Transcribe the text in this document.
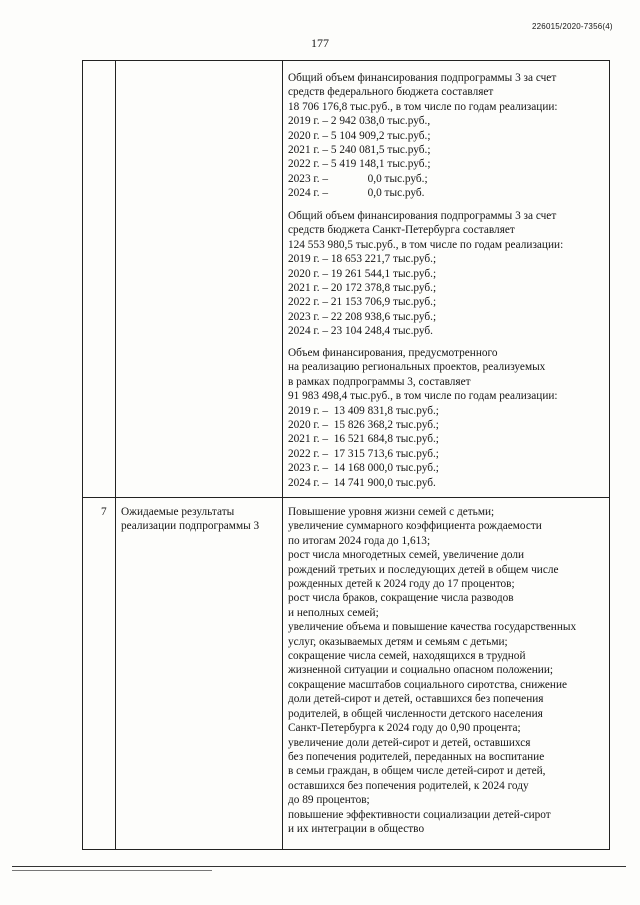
226015/2020-7356(4)
177
Общий объем финансирования подпрограммы 3 за счет
средств федерального бюджета составляет
18 706 176,8 тыс.руб., в том числе по годам реализации:
2019 г. – 2 942 038,0 тыс.руб.,
2020 г. – 5 104 909,2 тыс.руб.;
2021 г. – 5 240 081,5 тыс.руб.;
2022 г. – 5 419 148,1 тыс.руб.;
2023 г. –              0,0 тыс.руб.;
2024 г. –              0,0 тыс.руб.
Общий объем финансирования подпрограммы 3 за счет
средств бюджета Санкт-Петербурга составляет
124 553 980,5 тыс.руб., в том числе по годам реализации:
2019 г. – 18 653 221,7 тыс.руб.;
2020 г. – 19 261 544,1 тыс.руб.;
2021 г. – 20 172 378,8 тыс.руб.;
2022 г. – 21 153 706,9 тыс.руб.;
2023 г. – 22 208 938,6 тыс.руб.;
2024 г. – 23 104 248,4 тыс.руб.
Объем финансирования, предусмотренного
на реализацию региональных проектов, реализуемых
в рамках подпрограммы 3, составляет
91 983 498,4 тыс.руб., в том числе по годам реализации:
2019 г. –  13 409 831,8 тыс.руб.;
2020 г. –  15 826 368,2 тыс.руб.;
2021 г. –  16 521 684,8 тыс.руб.;
2022 г. –  17 315 713,6 тыс.руб.;
2023 г. –  14 168 000,0 тыс.руб.;
2024 г. –  14 741 900,0 тыс.руб.
7 Ожидаемые результаты
реализации подпрограммы 3
Повышение уровня жизни семей с детьми;
увеличение суммарного коэффициента рождаемости
по итогам 2024 года до 1,613;
рост числа многодетных семей, увеличение доли
рождений третьих и последующих детей в общем числе
рожденных детей к 2024 году до 17 процентов;
рост числа браков, сокращение числа разводов
и неполных семей;
увеличение объема и повышение качества государственных
услуг, оказываемых детям и семьям с детьми;
сокращение числа семей, находящихся в трудной
жизненной ситуации и социально опасном положении;
сокращение масштабов социального сиротства, снижение
доли детей-сирот и детей, оставшихся без попечения
родителей, в общей численности детского населения
Санкт-Петербурга к 2024 году до 0,90 процента;
увеличение доли детей-сирот и детей, оставшихся
без попечения родителей, переданных на воспитание
в семьи граждан, в общем числе детей-сирот и детей,
оставшихся без попечения родителей, к 2024 году
до 89 процентов;
повышение эффективности социализации детей-сирот
и их интеграции в общество
